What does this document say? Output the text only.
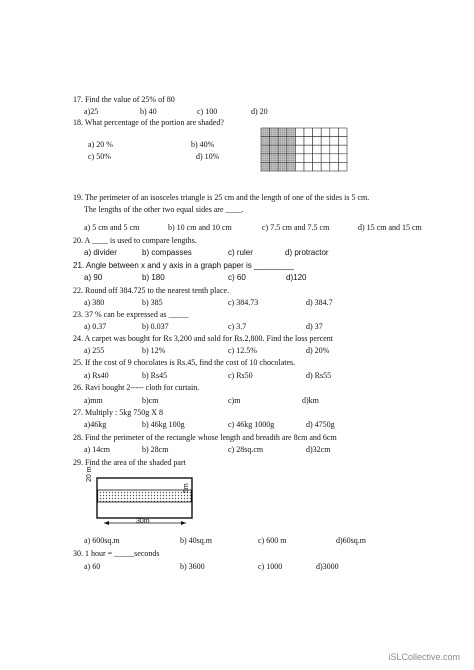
17. Find the value of 25% of 80
a)25	b) 40	c) 100	d) 20
18. What percentage of the portion are shaded?
a) 20 %	b) 40%
c) 50%	d) 10%
19. The perimeter of an isosceles triangle is 25 cm and the length of one of the sides is 5 cm.
The lengths of the other two equal sides are ____.
a) 5 cm and 5 cm	b) 10 cm and 10 cm	c) 7.5 cm and 7.5 cm	d) 15 cm and 15 cm
20. A ____ is used to compare lengths.
a) divider	b) compasses	c) ruler	d) protractor
21. Angle between x and y axis in a graph paper is _________
a) 90	b) 180	c) 60	d)120
22. Round off 384.725 to the nearest tenth place.
a) 380	b) 385	c) 384.73	d) 384.7
23. 37 % can be expressed as _____
a) 0.37	b) 0.037	c) 3.7	d) 37
24. A carpet was bought for Rs 3,200 and sold for Rs.2,800. Find the loss percent
a) 255	b) 12%	c) 12.5%	d) 20%
25. If the cost of 9 chocolates is Rs.45, find the cost of 10 chocolates.
a) Rs40	b) Rs45	c) Rs50	d) Rs55
26. Ravi bought 2----- cloth for curtain.
a)mm	b)cm	c)m	d)km
27. Multiply : 5kg 750g X 8
a)46kg	b) 46kg 100g	c) 46kg 1000g	d) 4750g
28. Find the perimeter of the rectangle whose length and breadth are 8cm and 6cm
a) 14cm	b) 28cm	c) 28sq.cm	d)32cm
29. Find the area of the shaded part
20 m
5m
30m
a) 600sq.m	b) 40sq.m	c) 600 m	d)60sq.m
30. 1 hour = _____seconds
a) 60	b) 3600	c) 1000	d)3000
iSLCollective.com
